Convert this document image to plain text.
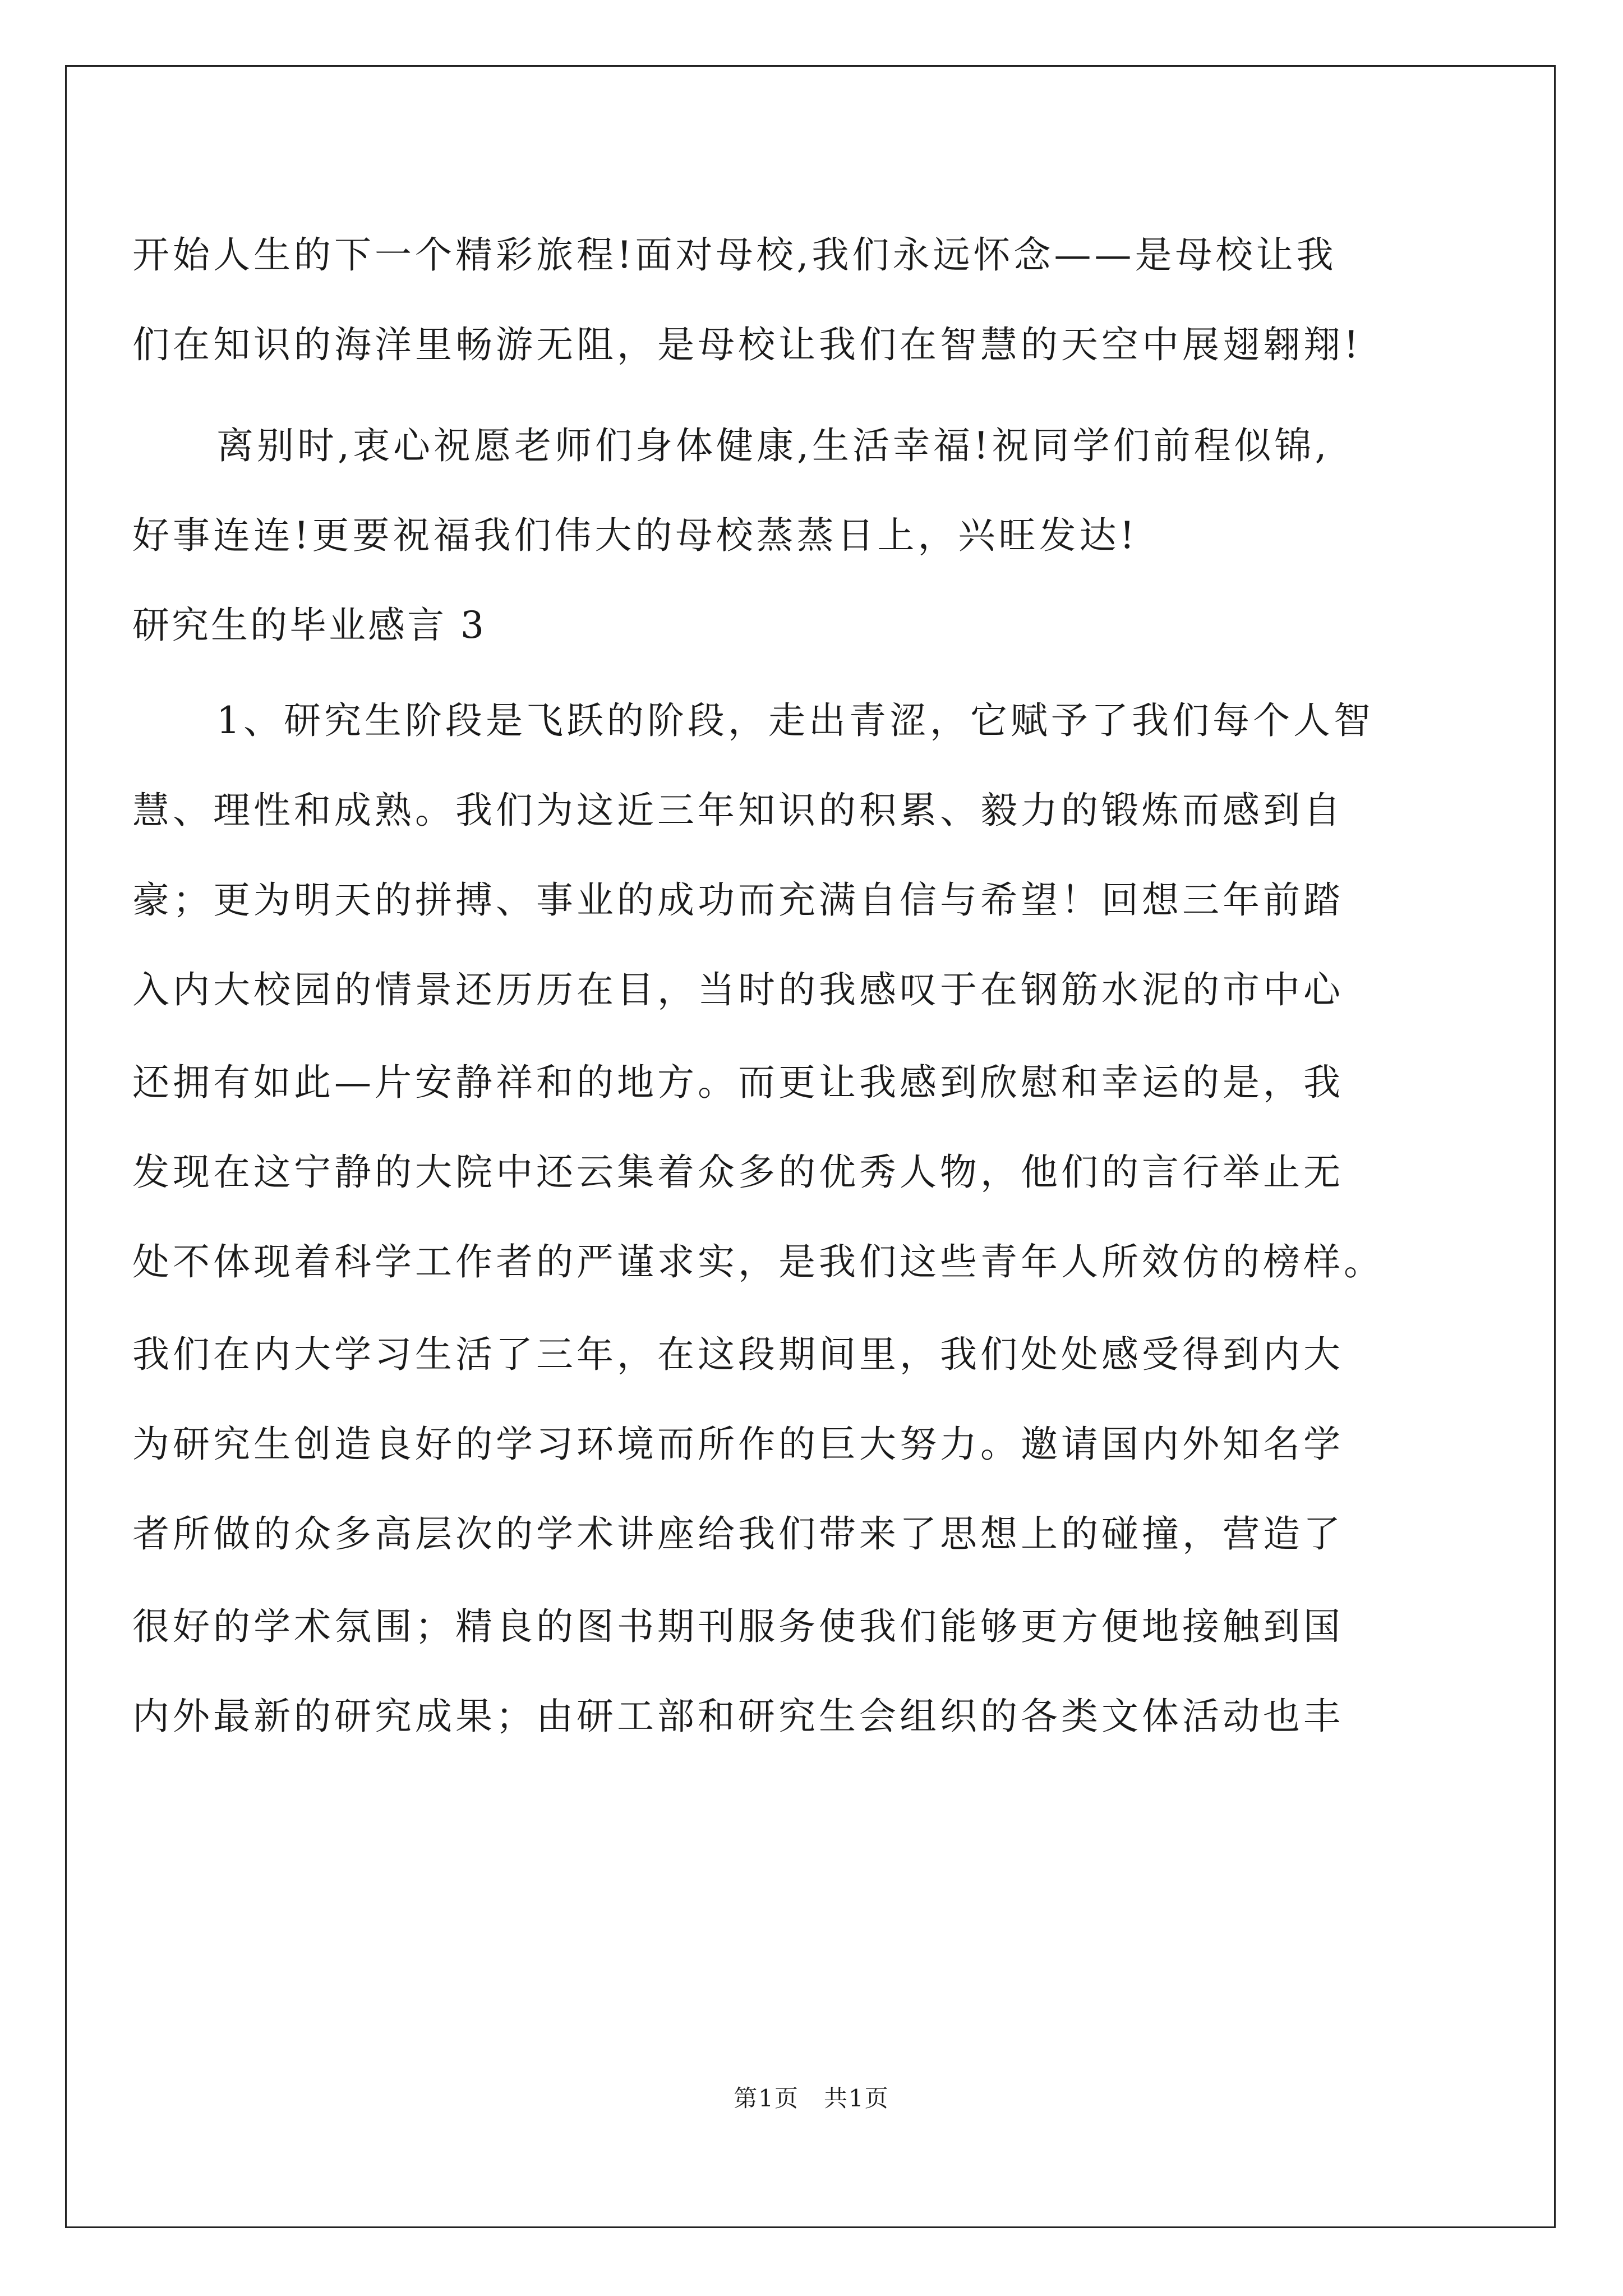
开始人生的下一个精彩旅程!面对母校,我们永远怀念——是母校让我
们在知识的海洋里畅游无阻，是母校让我们在智慧的天空中展翅翱翔!
离别时,衷心祝愿老师们身体健康,生活幸福!祝同学们前程似锦,
好事连连!更要祝福我们伟大的母校蒸蒸日上，兴旺发达!
研究生的毕业感言 3
1、研究生阶段是飞跃的阶段，走出青涩，它赋予了我们每个人智
慧、理性和成熟。我们为这近三年知识的积累、毅力的锻炼而感到自
豪；更为明天的拼搏、事业的成功而充满自信与希望！回想三年前踏
入内大校园的情景还历历在目，当时的我感叹于在钢筋水泥的市中心
还拥有如此—片安静祥和的地方。而更让我感到欣慰和幸运的是，我
发现在这宁静的大院中还云集着众多的优秀人物，他们的言行举止无
处不体现着科学工作者的严谨求实，是我们这些青年人所效仿的榜样。
我们在内大学习生活了三年，在这段期间里，我们处处感受得到内大
为研究生创造良好的学习环境而所作的巨大努力。邀请国内外知名学
者所做的众多高层次的学术讲座给我们带来了思想上的碰撞，营造了
很好的学术氛围；精良的图书期刊服务使我们能够更方便地接触到国
内外最新的研究成果；由研工部和研究生会组织的各类文体活动也丰
第1页　共1页
